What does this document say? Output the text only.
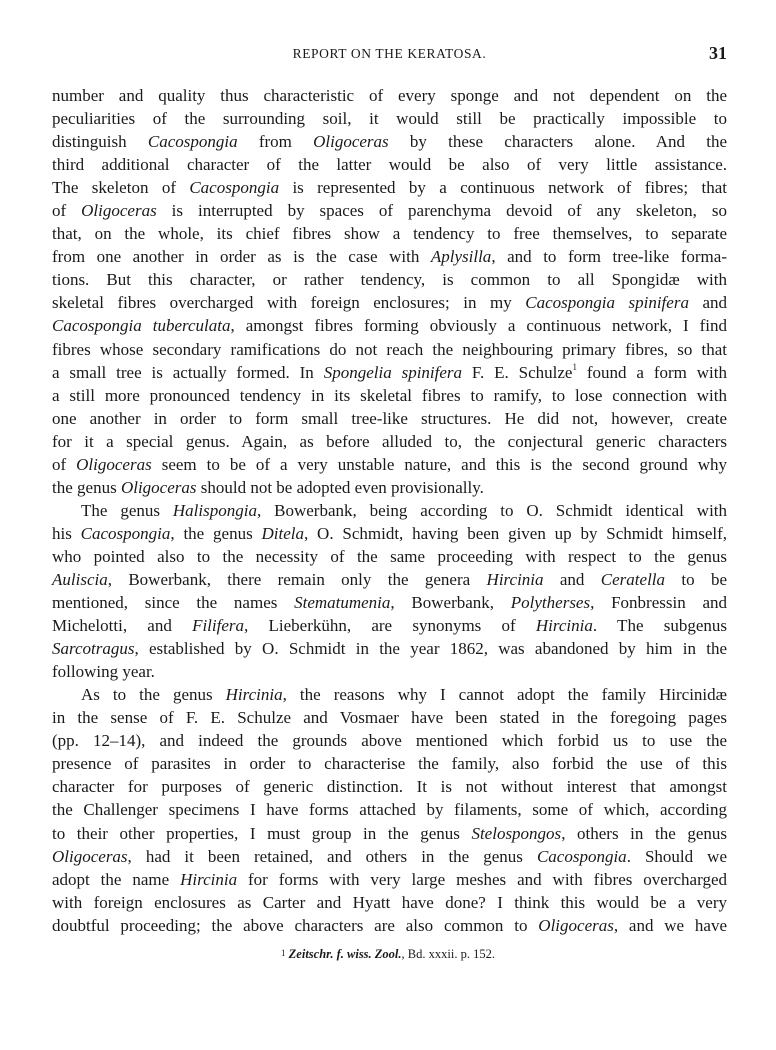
REPORT ON THE KERATOSA.	31
number and quality thus characteristic of every sponge and not dependent on the
peculiarities of the surrounding soil, it would still be practically impossible to
distinguish Cacospongia from Oligoceras by these characters alone. And the
third additional character of the latter would be also of very little assistance.
The skeleton of Cacospongia is represented by a continuous network of fibres; that
of Oligoceras is interrupted by spaces of parenchyma devoid of any skeleton, so
that, on the whole, its chief fibres show a tendency to free themselves, to separate
from one another in order as is the case with Aplysilla, and to form tree-like forma-
tions. But this character, or rather tendency, is common to all Spongidæ with
skeletal fibres overcharged with foreign enclosures; in my Cacospongia spinifera and
Cacospongia tuberculata, amongst fibres forming obviously a continuous network, I find
fibres whose secondary ramifications do not reach the neighbouring primary fibres, so that
a small tree is actually formed. In Spongelia spinifera F. E. Schulze$^1$ found a form with
a still more pronounced tendency in its skeletal fibres to ramify, to lose connection with
one another in order to form small tree-like structures. He did not, however, create
for it a special genus. Again, as before alluded to, the conjectural generic characters
of Oligoceras seem to be of a very unstable nature, and this is the second ground why
the genus Oligoceras should not be adopted even provisionally.
The genus Halispongia, Bowerbank, being according to O. Schmidt identical with
his Cacospongia, the genus Ditela, O. Schmidt, having been given up by Schmidt himself,
who pointed also to the necessity of the same proceeding with respect to the genus
Auliscia, Bowerbank, there remain only the genera Hircinia and Ceratella to be
mentioned, since the names Stematumenia, Bowerbank, Polytherses, Fonbressin and
Michelotti, and Filifera, Lieberkühn, are synonyms of Hircinia. The subgenus
Sarcotragus, established by O. Schmidt in the year 1862, was abandoned by him in the
following year.
As to the genus Hircinia, the reasons why I cannot adopt the family Hircinidæ
in the sense of F. E. Schulze and Vosmaer have been stated in the foregoing pages
(pp. 12–14), and indeed the grounds above mentioned which forbid us to use the
presence of parasites in order to characterise the family, also forbid the use of this
character for purposes of generic distinction. It is not without interest that amongst
the Challenger specimens I have forms attached by filaments, some of which, according
to their other properties, I must group in the genus Stelospongos, others in the genus
Oligoceras, had it been retained, and others in the genus Cacospongia. Should we
adopt the name Hircinia for forms with very large meshes and with fibres overcharged
with foreign enclosures as Carter and Hyatt have done? I think this would be a very
doubtful proceeding; the above characters are also common to Oligoceras, and we have
$^1$ Zeitschr. f. wiss. Zool., Bd. xxxii. p. 152.
